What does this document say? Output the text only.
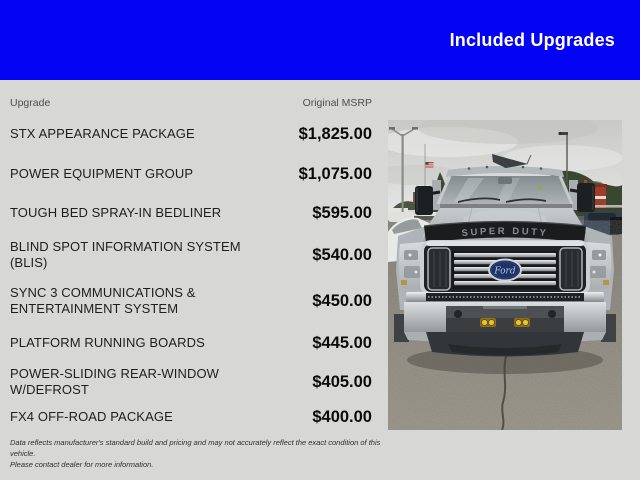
Included Upgrades
Upgrade	Original MSRP
STX APPEARANCE PACKAGE	$1,825.00
POWER EQUIPMENT GROUP	$1,075.00
TOUGH BED SPRAY-IN BEDLINER	$595.00
BLIND SPOT INFORMATION SYSTEM (BLIS)	$540.00
SYNC 3 COMMUNICATIONS & ENTERTAINMENT SYSTEM	$450.00
PLATFORM RUNNING BOARDS	$445.00
POWER-SLIDING REAR-WINDOW W/DEFROST	$405.00
FX4 OFF-ROAD PACKAGE	$400.00
Data reflects manufacturer's standard build and pricing and may not accurately reflect the exact condition of this vehicle.
Please contact dealer for more information.
SUPER DUTY
Ford
